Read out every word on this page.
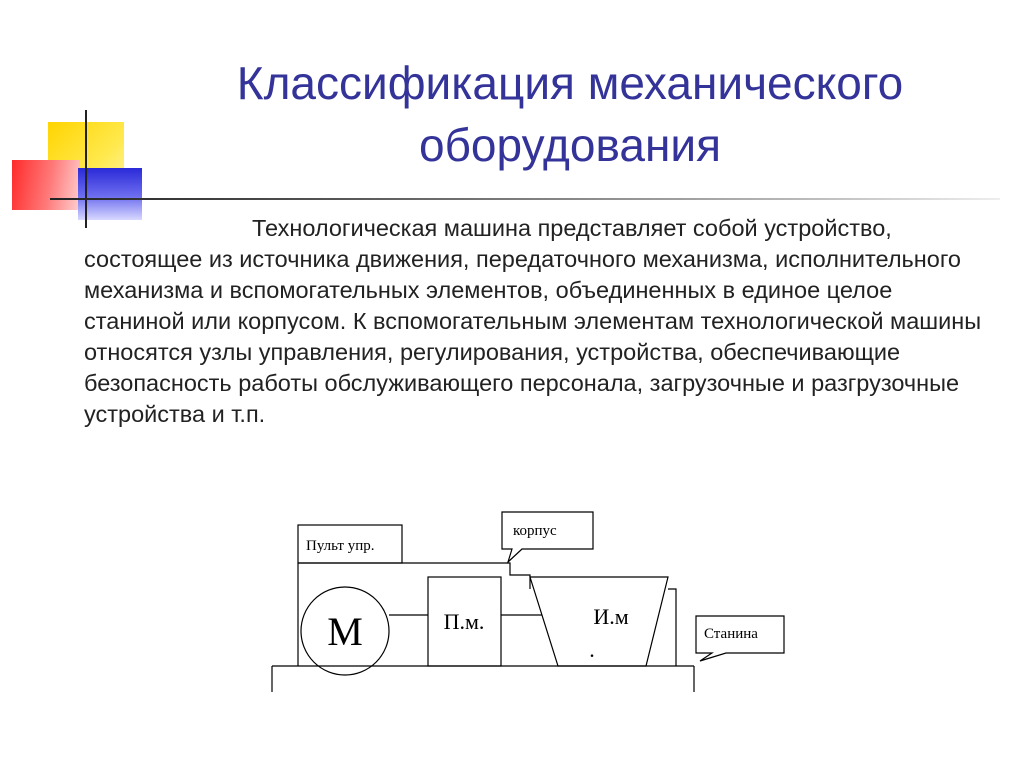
Классификация механического
оборудования

Технологическая машина представляет собой устройство, состоящее из источника движения, передаточного механизма, исполнительного механизма и вспомогательных элементов, объединенных в единое целое станиной или корпусом. К вспомогательным элементам технологической машины относятся узлы управления, регулирования, устройства, обеспечивающие безопасность работы обслуживающего персонала, загрузочные и разгрузочные устройства и т.п.

Пульт упр.
корпус
М	П.м.	И.м
.
Станина
